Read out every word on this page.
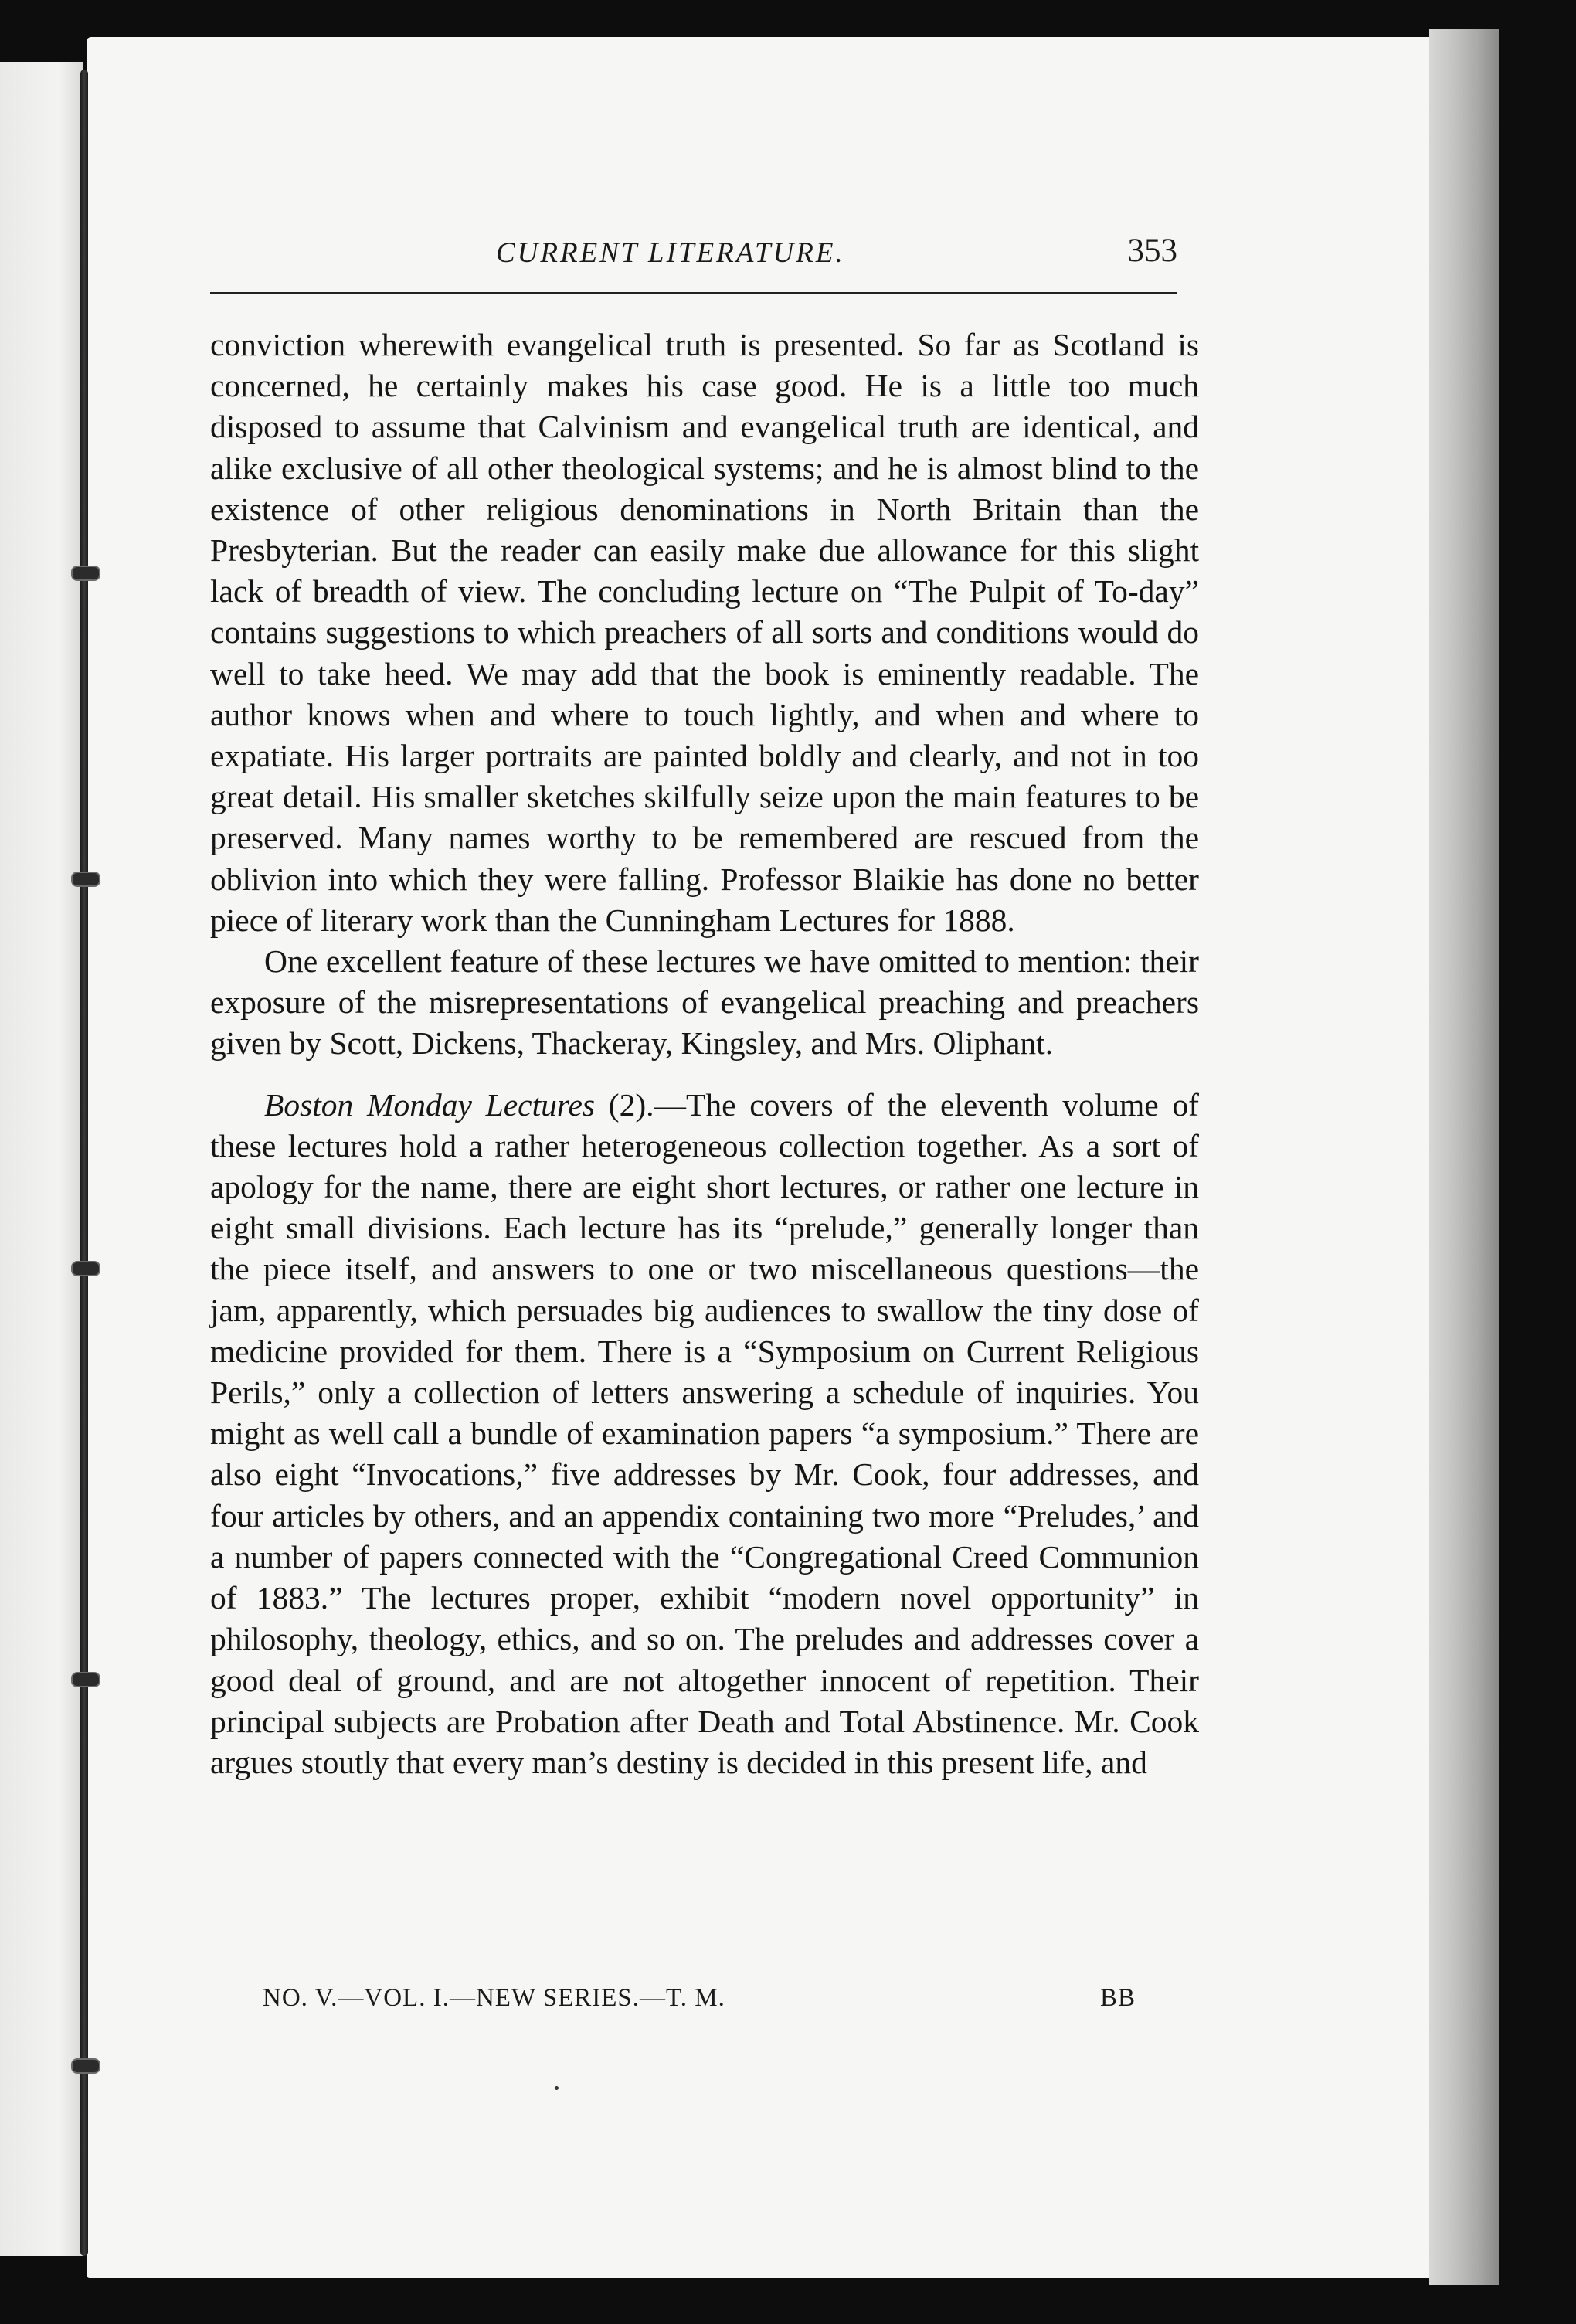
CURRENT LITERATURE.	353

conviction wherewith evangelical truth is presented. So far as Scotland is concerned, he certainly makes his case good. He is a little too much disposed to assume that Calvinism and evangelical truth are identical, and alike exclusive of all other theological systems; and he is almost blind to the existence of other religious denominations in North Britain than the Presbyterian. But the reader can easily make due allowance for this slight lack of breadth of view. The concluding lecture on “The Pulpit of To-day” contains suggestions to which preachers of all sorts and conditions would do well to take heed. We may add that the book is eminently readable. The author knows when and where to touch lightly, and when and where to expatiate. His larger portraits are painted boldly and clearly, and not in too great detail. His smaller sketches skilfully seize upon the main features to be preserved. Many names worthy to be remembered are rescued from the oblivion into which they were falling. Professor Blaikie has done no better piece of literary work than the Cunningham Lectures for 1888.

One excellent feature of these lectures we have omitted to mention: their exposure of the misrepresentations of evangelical preaching and preachers given by Scott, Dickens, Thackeray, Kingsley, and Mrs. Oliphant.

Boston Monday Lectures (2).—The covers of the eleventh volume of these lectures hold a rather heterogeneous collection together. As a sort of apology for the name, there are eight short lectures, or rather one lecture in eight small divisions. Each lecture has its “prelude,” generally longer than the piece itself, and answers to one or two miscellaneous questions—the jam, apparently, which persuades big audiences to swallow the tiny dose of medicine provided for them. There is a “Symposium on Current Religious Perils,” only a collection of letters answering a schedule of inquiries. You might as well call a bundle of examination papers “a symposium.” There are also eight “Invocations,” five addresses by Mr. Cook, four addresses, and four articles by others, and an appendix containing two more “Preludes,’ and a number of papers connected with the “Congregational Creed Communion of 1883.” The lectures proper, exhibit “modern novel opportunity” in philosophy, theology, ethics, and so on. The preludes and addresses cover a good deal of ground, and are not altogether innocent of repetition. Their principal subjects are Probation after Death and Total Abstinence. Mr. Cook argues stoutly that every man’s destiny is decided in this present life, and

NO. V.—VOL. I.—NEW SERIES.—T. M.	BB
